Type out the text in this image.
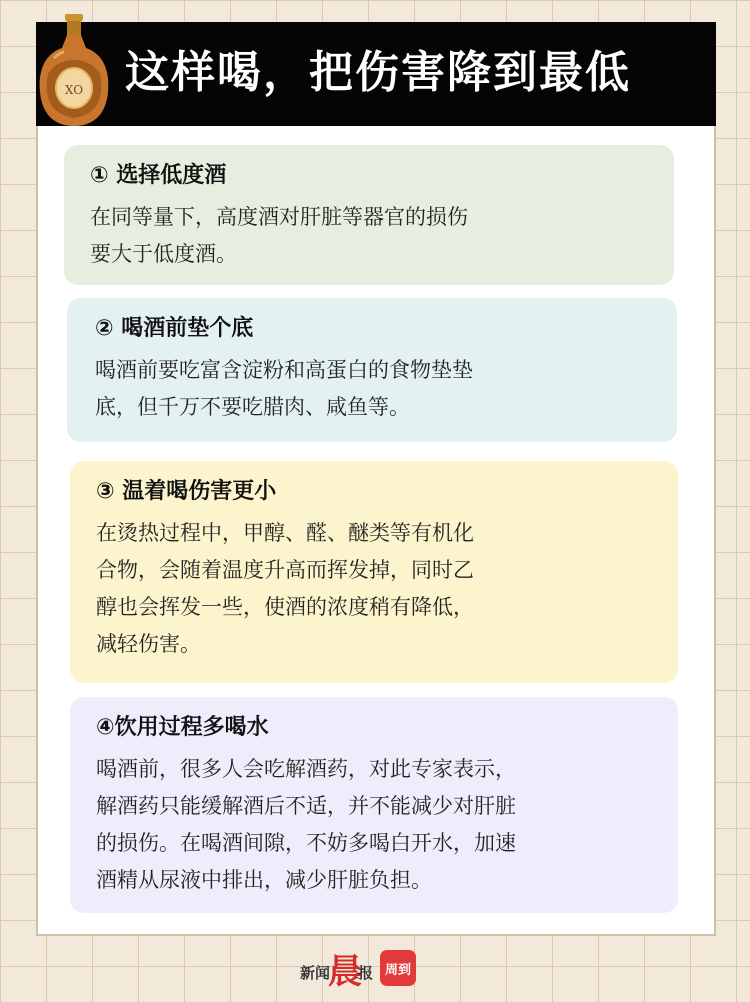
这样喝，把伤害降到最低
XO
① 选择低度酒

在同等量下，高度酒对肝脏等器官的损伤

要大于低度酒。

② 喝酒前垫个底

喝酒前要吃富含淀粉和高蛋白的食物垫垫

底，但千万不要吃腊肉、咸鱼等。

③ 温着喝伤害更小

在烫热过程中，甲醇、醛、醚类等有机化

合物，会随着温度升高而挥发掉，同时乙

醇也会挥发一些，使酒的浓度稍有降低，

减轻伤害。

④饮用过程多喝水

喝酒前，很多人会吃解酒药，对此专家表示，

解酒药只能缓解酒后不适，并不能减少对肝脏

的损伤。在喝酒间隙，不妨多喝白开水，加速

酒精从尿液中排出，减少肝脏负担。

新闻
晨
报 周到
